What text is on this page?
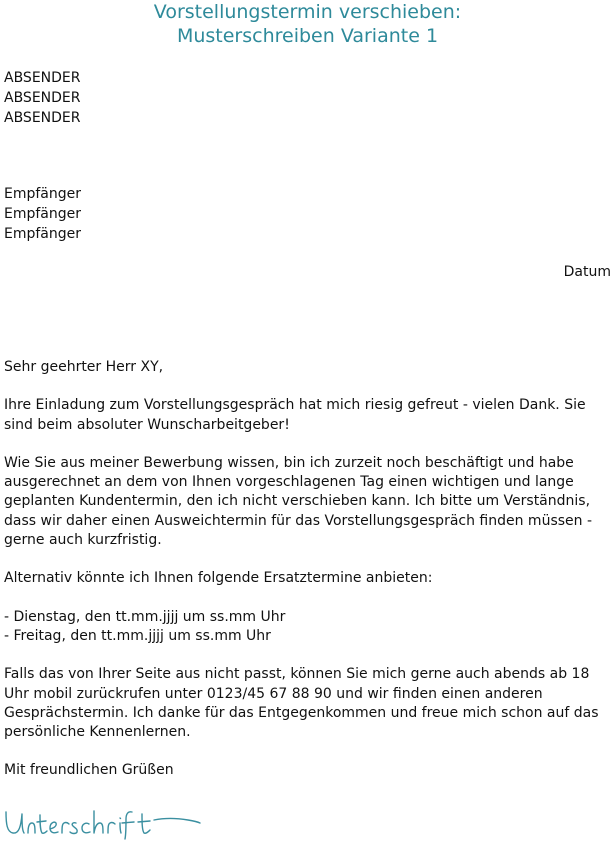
Vorstellungstermin verschieben:
Musterschreiben Variante 1
ABSENDER
ABSENDER
ABSENDER
Empfänger
Empfänger
Empfänger
Datum

Sehr geehrter Herr XY,

Ihre Einladung zum Vorstellungsgespräch hat mich riesig gefreut - vielen Dank. Sie sind beim absoluter Wunscharbeitgeber!

Wie Sie aus meiner Bewerbung wissen, bin ich zurzeit noch beschäftigt und habe ausgerechnet an dem von Ihnen vorgeschlagenen Tag einen wichtigen und lange geplanten Kundentermin, den ich nicht verschieben kann. Ich bitte um Verständnis, dass wir daher einen Ausweichtermin für das Vorstellungsgespräch finden müssen - gerne auch kurzfristig.

Alternativ könnte ich Ihnen folgende Ersatztermine anbieten:

- Dienstag, den tt.mm.jjjj um ss.mm Uhr
- Freitag, den tt.mm.jjjj um ss.mm Uhr

Falls das von Ihrer Seite aus nicht passt, können Sie mich gerne auch abends ab 18 Uhr mobil zurückrufen unter 0123/45 67 88 90 und wir finden einen anderen Gesprächstermin. Ich danke für das Entgegenkommen und freue mich schon auf das persönliche Kennenlernen.

Mit freundlichen Grüßen
